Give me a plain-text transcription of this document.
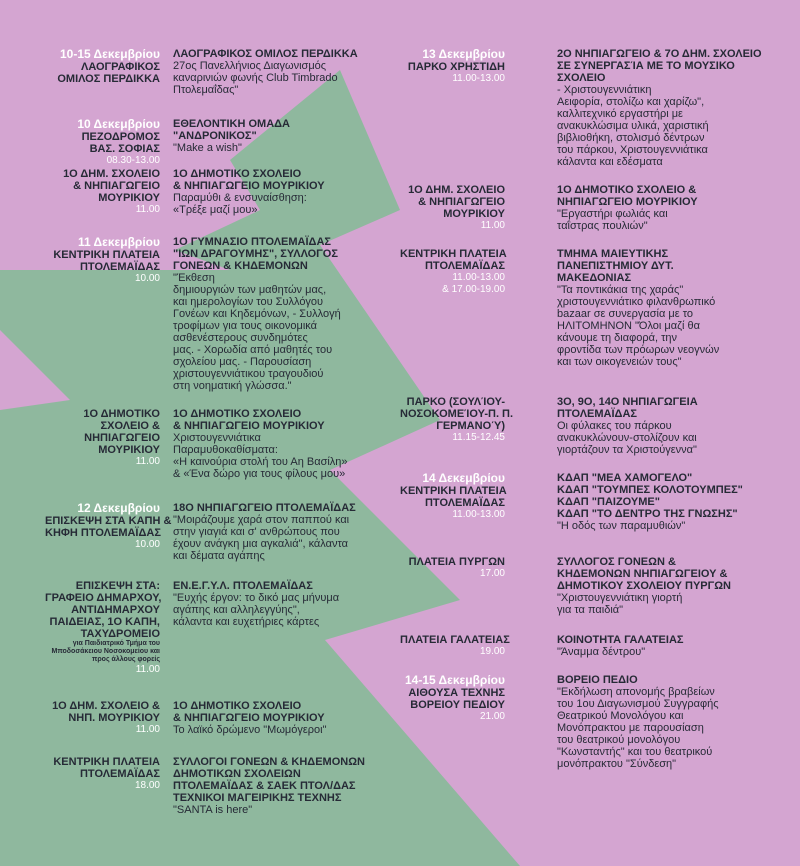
10-15 Δεκεμβρίου
ΛΑΟΓΡΑΦΙΚΟΣ
ΟΜΙΛΟΣ ΠΕΡΔΙΚΚΑ
ΛΑΟΓΡΑΦΙΚΟΣ ΟΜΙΛΟΣ ΠΕΡΔΙΚΚΑ
27ος Πανελλήνιος Διαγωνισμός
καναρινιών φωνής Club Timbrado
Πτολεμαΐδας"
10 Δεκεμβρίου
ΠΕΖΟΔΡΟΜΟΣ
ΒΑΣ. ΣΟΦΙΑΣ
08.30-13.00
ΕΘΕΛΟΝΤΙΚΗ ΟΜΑΔΑ
"ΑΝΔΡΟΝΙΚΟΣ"
"Make a wish"
1Ο ΔΗΜ. ΣΧΟΛΕΙΟ
& ΝΗΠΙΑΓΩΓΕΙΟ
ΜΟΥΡΙΚΙΟΥ
11.00
1Ο ΔΗΜΟΤΙΚΟ ΣΧΟΛΕΙΟ
& ΝΗΠΙΑΓΩΓΕΙΟ ΜΟΥΡΙΚΙΟΥ
Παραμύθι & ενσυναίσθηση:
«Τρέξε μαζί μου»
11 Δεκεμβρίου
ΚΕΝΤΡΙΚΗ ΠΛΑΤΕΙΑ
ΠΤΟΛΕΜΑΪΔΑΣ
10.00
1Ο ΓΥΜΝΑΣΙΟ ΠΤΟΛΕΜΑΪΔΑΣ
"ΙΩΝ ΔΡΑΓΟΥΜΗΣ", ΣΥΛΛΟΓΟΣ
ΓΟΝΕΩΝ & ΚΗΔΕΜΟΝΩΝ
"Έκθεση
δημιουργιών των μαθητών μας,
και ημερολογίων του Συλλόγου
Γονέων και Κηδεμόνων, - Συλλογή
τροφίμων για τους οικονομικά
ασθενέστερους συνδημότες
μας. - Χορωδία από μαθητές του
σχολείου μας. - Παρουσίαση
χριστουγεννιάτικου τραγουδιού
στη νοηματική γλώσσα."
1Ο ΔΗΜΟΤΙΚΟ
ΣΧΟΛΕΙΟ &
ΝΗΠΙΑΓΩΓΕΙΟ
ΜΟΥΡΙΚΙΟΥ
11.00
1Ο ΔΗΜΟΤΙΚΟ ΣΧΟΛΕΙΟ
& ΝΗΠΙΑΓΩΓΕΙΟ ΜΟΥΡΙΚΙΟΥ
Χριστουγεννιάτικα
Παραμυθοκαθίσματα:
«Η καινούρια στολή του Αη Βασίλη»
& «Ένα δώρο για τους φίλους μου»
12 Δεκεμβρίου
ΕΠΙΣΚΕΨΗ ΣΤΑ ΚΑΠΗ &
ΚΗΦΗ ΠΤΟΛΕΜΑΪΔΑΣ
10.00
18Ο ΝΗΠΙΑΓΩΓΕΙΟ ΠΤΟΛΕΜΑΪΔΑΣ
"Μοιράζουμε χαρά στον παππού και
στην γιαγιά και σ' ανθρώπους που
έχουν ανάγκη μια αγκαλιά", κάλαντα
και δέματα αγάπης
ΕΠΙΣΚΕΨΗ ΣΤΑ:
ΓΡΑΦΕΙΟ ΔΗΜΑΡΧΟΥ,
ΑΝΤΙΔΗΜΑΡΧΟΥ
ΠΑΙΔΕΙΑΣ, 1Ο ΚΑΠΗ,
ΤΑΧΥΔΡΟΜΕΙΟ
για Παιδιατρικό Τμήμα του
Μποδοσάκειου Νοσοκομείου και
προς άλλους φορείς
11.00
ΕΝ.Ε.Γ.Υ.Λ. ΠΤΟΛΕΜΑΪΔΑΣ
"Ευχής έργον: το δικό μας μήνυμα
αγάπης και αλληλεγγύης",
κάλαντα και ευχετήριες κάρτες
1Ο ΔΗΜ. ΣΧΟΛΕΙΟ &
ΝΗΠ. ΜΟΥΡΙΚΙΟΥ
11.00
1Ο ΔΗΜΟΤΙΚΟ ΣΧΟΛΕΙΟ
& ΝΗΠΙΑΓΩΓΕΙΟ ΜΟΥΡΙΚΙΟΥ
Το λαϊκό δρώμενο "Μωμόγεροι"
ΚΕΝΤΡΙΚΗ ΠΛΑΤΕΙΑ
ΠΤΟΛΕΜΑΪΔΑΣ
18.00
ΣΥΛΛΟΓΟΙ ΓΟΝΕΩΝ & ΚΗΔΕΜΟΝΩΝ
ΔΗΜΟΤΙΚΩΝ ΣΧΟΛΕΙΩΝ
ΠΤΟΛΕΜΑΪΔΑΣ & ΣΑΕΚ ΠΤΟΛ/ΔΑΣ
ΤΕΧΝΙΚΟΙ ΜΑΓΕΙΡΙΚΗΣ ΤΕΧΝΗΣ
"SANTA is here"
13 Δεκεμβρίου
ΠΑΡΚΟ ΧΡΗΣΤΙΔΗ
11.00-13.00
2Ο ΝΗΠΙΑΓΩΓΕΙΟ & 7Ο ΔΗΜ. ΣΧΟΛΕΙΟ
ΣΕ ΣΥΝΕΡΓΑΣΊΑ ΜΕ ΤΟ ΜΟΥΣΙΚΟ
ΣΧΟΛΕΙΟ
- Χριστουγεννιάτικη
Αειφορία, στολίζω και χαρίζω",
καλλιτεχνικό εργαστήρι με
ανακυκλώσιμα υλικά, χαριστική
βιβλιοθήκη, στολισμό δέντρων
του πάρκου, Χριστουγεννιάτικα
κάλαντα και εδέσματα
1Ο ΔΗΜ. ΣΧΟΛΕΙΟ
& ΝΗΠΙΑΓΩΓΕΙΟ
ΜΟΥΡΙΚΙΟΥ
11.00
1Ο ΔΗΜΟΤΙΚΟ ΣΧΟΛΕΙΟ &
ΝΗΠΙΑΓΩΓΕΙΟ ΜΟΥΡΙΚΙΟΥ
"Εργαστήρι φωλιάς και
ταΐστρας πουλιών"
ΚΕΝΤΡΙΚΗ ΠΛΑΤΕΙΑ
ΠΤΟΛΕΜΑΪΔΑΣ
11.00-13.00
& 17.00-19.00
ΤΜΗΜΑ ΜΑΙΕΥΤΙΚΗΣ
ΠΑΝΕΠΙΣΤΗΜΙΟΥ ΔΥΤ.
ΜΑΚΕΔΟΝΙΑΣ
"Τα ποντικάκια της χαράς"
χριστουγεννιάτικο φιλανθρωπικό
bazaar σε συνεργασία με το
ΗΛΙΤΟΜΗΝΟΝ "Όλοι μαζί θα
κάνουμε τη διαφορά, την
φροντίδα των πρόωρων νεογνών
και των οικογενειών τους"
ΠΑΡΚΟ (ΣΟΥΛΊΟΥ-
ΝΟΣΟΚΟΜΕΊΟΥ-Π. Π.
ΓΕΡΜΑΝΟΎ)
11.15-12.45
3Ο, 9Ο, 14Ο ΝΗΠΙΑΓΩΓΕΙΑ
ΠΤΟΛΕΜΑΪΔΑΣ
Οι φύλακες του πάρκου
ανακυκλώνουν-στολίζουν και
γιορτάζουν τα Χριστούγεννα"
14 Δεκεμβρίου
ΚΕΝΤΡΙΚΗ ΠΛΑΤΕΙΑ
ΠΤΟΛΕΜΑΪΔΑΣ
11.00-13.00
ΚΔΑΠ "ΜΕΑ ΧΑΜΟΓΕΛΟ"
ΚΔΑΠ "ΤΟΥΜΠΕΣ ΚΟΛΟΤΟΥΜΠΕΣ"
ΚΔΑΠ "ΠΑΙΖΟΥΜΕ"
ΚΔΑΠ "ΤΟ ΔΕΝΤΡΟ ΤΗΣ ΓΝΩΣΗΣ"
"Η οδός των παραμυθιών"
ΠΛΑΤΕΙΑ ΠΥΡΓΩΝ
17.00
ΣΥΛΛΟΓΟΣ ΓΟΝΕΩΝ &
ΚΗΔΕΜΟΝΩΝ ΝΗΠΙΑΓΩΓΕΙΟΥ &
ΔΗΜΟΤΙΚΟΥ ΣΧΟΛΕΙΟΥ ΠΥΡΓΩΝ
"Χριστουγεννιάτικη γιορτή
για τα παιδιά"
ΠΛΑΤΕΙΑ ΓΑΛΑΤΕΙΑΣ
19.00
ΚΟΙΝΟΤΗΤΑ ΓΑΛΑΤΕΙΑΣ
"Άναμμα δέντρου"
14-15 Δεκεμβρίου
ΑΙΘΟΥΣΑ ΤΕΧΝΗΣ
ΒΟΡΕΙΟΥ ΠΕΔΙΟΥ
21.00
ΒΟΡΕΙΟ ΠΕΔΙΟ
"Εκδήλωση απονομής βραβείων
του 1ου Διαγωνισμού Συγγραφής
Θεατρικού Μονολόγου και
Μονόπρακτου με παρουσίαση
του θεατρικού μονολόγου
"Κωνσταντής" και του θεατρικού
μονόπρακτου "Σύνδεση"
